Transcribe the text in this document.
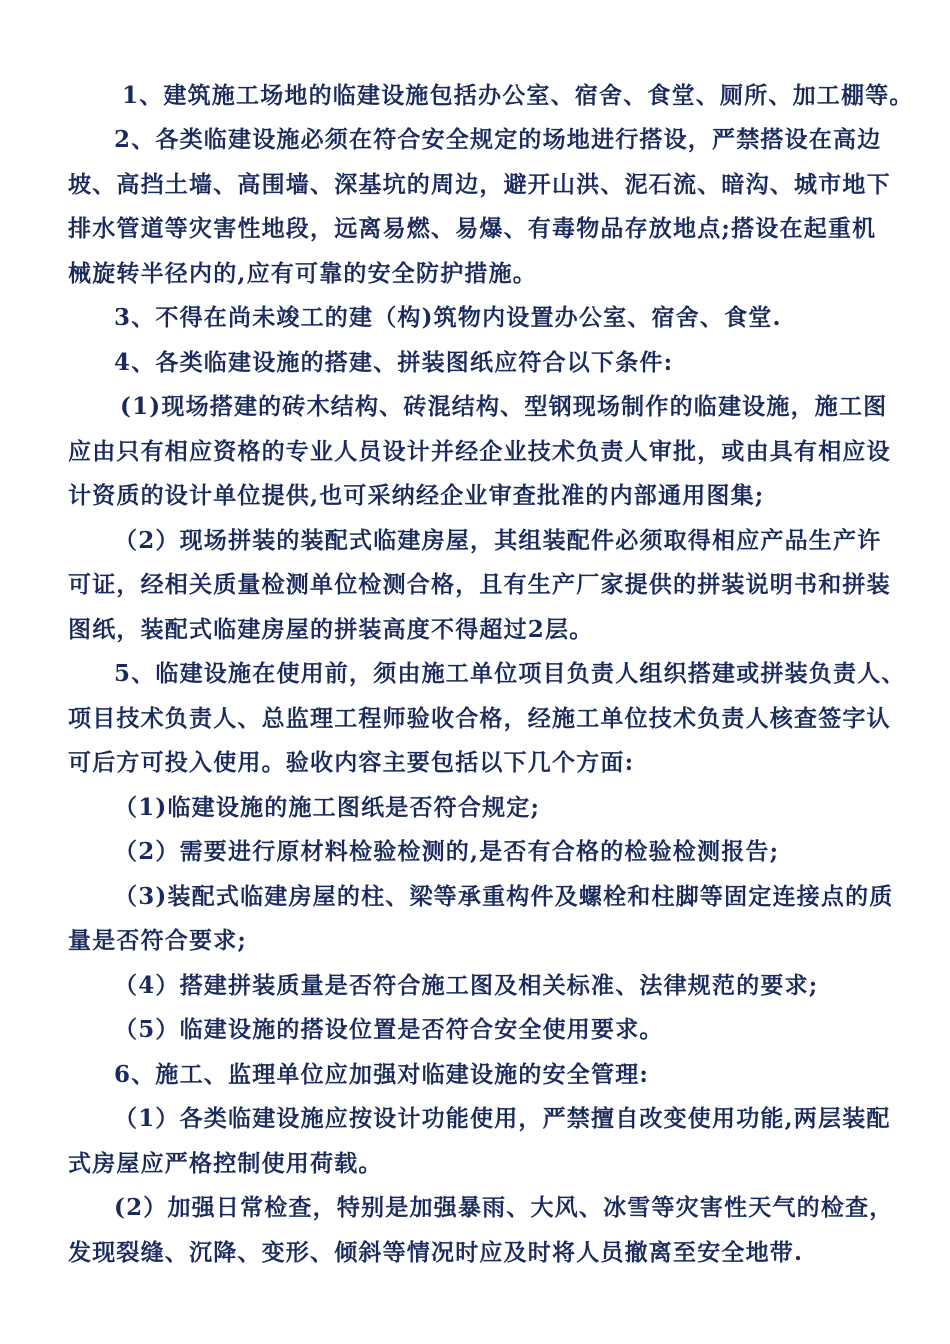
1、建筑施工场地的临建设施包括办公室、宿舍、食堂、厕所、加工棚等。
2、各类临建设施必须在符合安全规定的场地进行搭设，严禁搭设在高边
坡、高挡土墙、高围墙、深基坑的周边，避开山洪、泥石流、暗沟、城市地下
排水管道等灾害性地段，远离易燃、易爆、有毒物品存放地点;搭设在起重机
械旋转半径内的,应有可靠的安全防护措施。
3、不得在尚未竣工的建（构)筑物内设置办公室、宿舍、食堂.
4、各类临建设施的搭建、拼装图纸应符合以下条件:
(1)现场搭建的砖木结构、砖混结构、型钢现场制作的临建设施，施工图
应由只有相应资格的专业人员设计并经企业技术负责人审批，或由具有相应设
计资质的设计单位提供,也可采纳经企业审查批准的内部通用图集;
（2）现场拼装的装配式临建房屋，其组装配件必须取得相应产品生产许
可证，经相关质量检测单位检测合格，且有生产厂家提供的拼装说明书和拼装
图纸，装配式临建房屋的拼装高度不得超过2层。
5、临建设施在使用前，须由施工单位项目负责人组织搭建或拼装负责人、
项目技术负责人、总监理工程师验收合格，经施工单位技术负责人核查签字认
可后方可投入使用。验收内容主要包括以下几个方面:
（1)临建设施的施工图纸是否符合规定;
（2）需要进行原材料检验检测的,是否有合格的检验检测报告;
（3)装配式临建房屋的柱、梁等承重构件及螺栓和柱脚等固定连接点的质
量是否符合要求;
（4）搭建拼装质量是否符合施工图及相关标准、法律规范的要求;
（5）临建设施的搭设位置是否符合安全使用要求。
6、施工、监理单位应加强对临建设施的安全管理:
（1）各类临建设施应按设计功能使用，严禁擅自改变使用功能,两层装配
式房屋应严格控制使用荷载。
(2）加强日常检查，特别是加强暴雨、大风、冰雪等灾害性天气的检查，
发现裂缝、沉降、变形、倾斜等情况时应及时将人员撤离至安全地带.
